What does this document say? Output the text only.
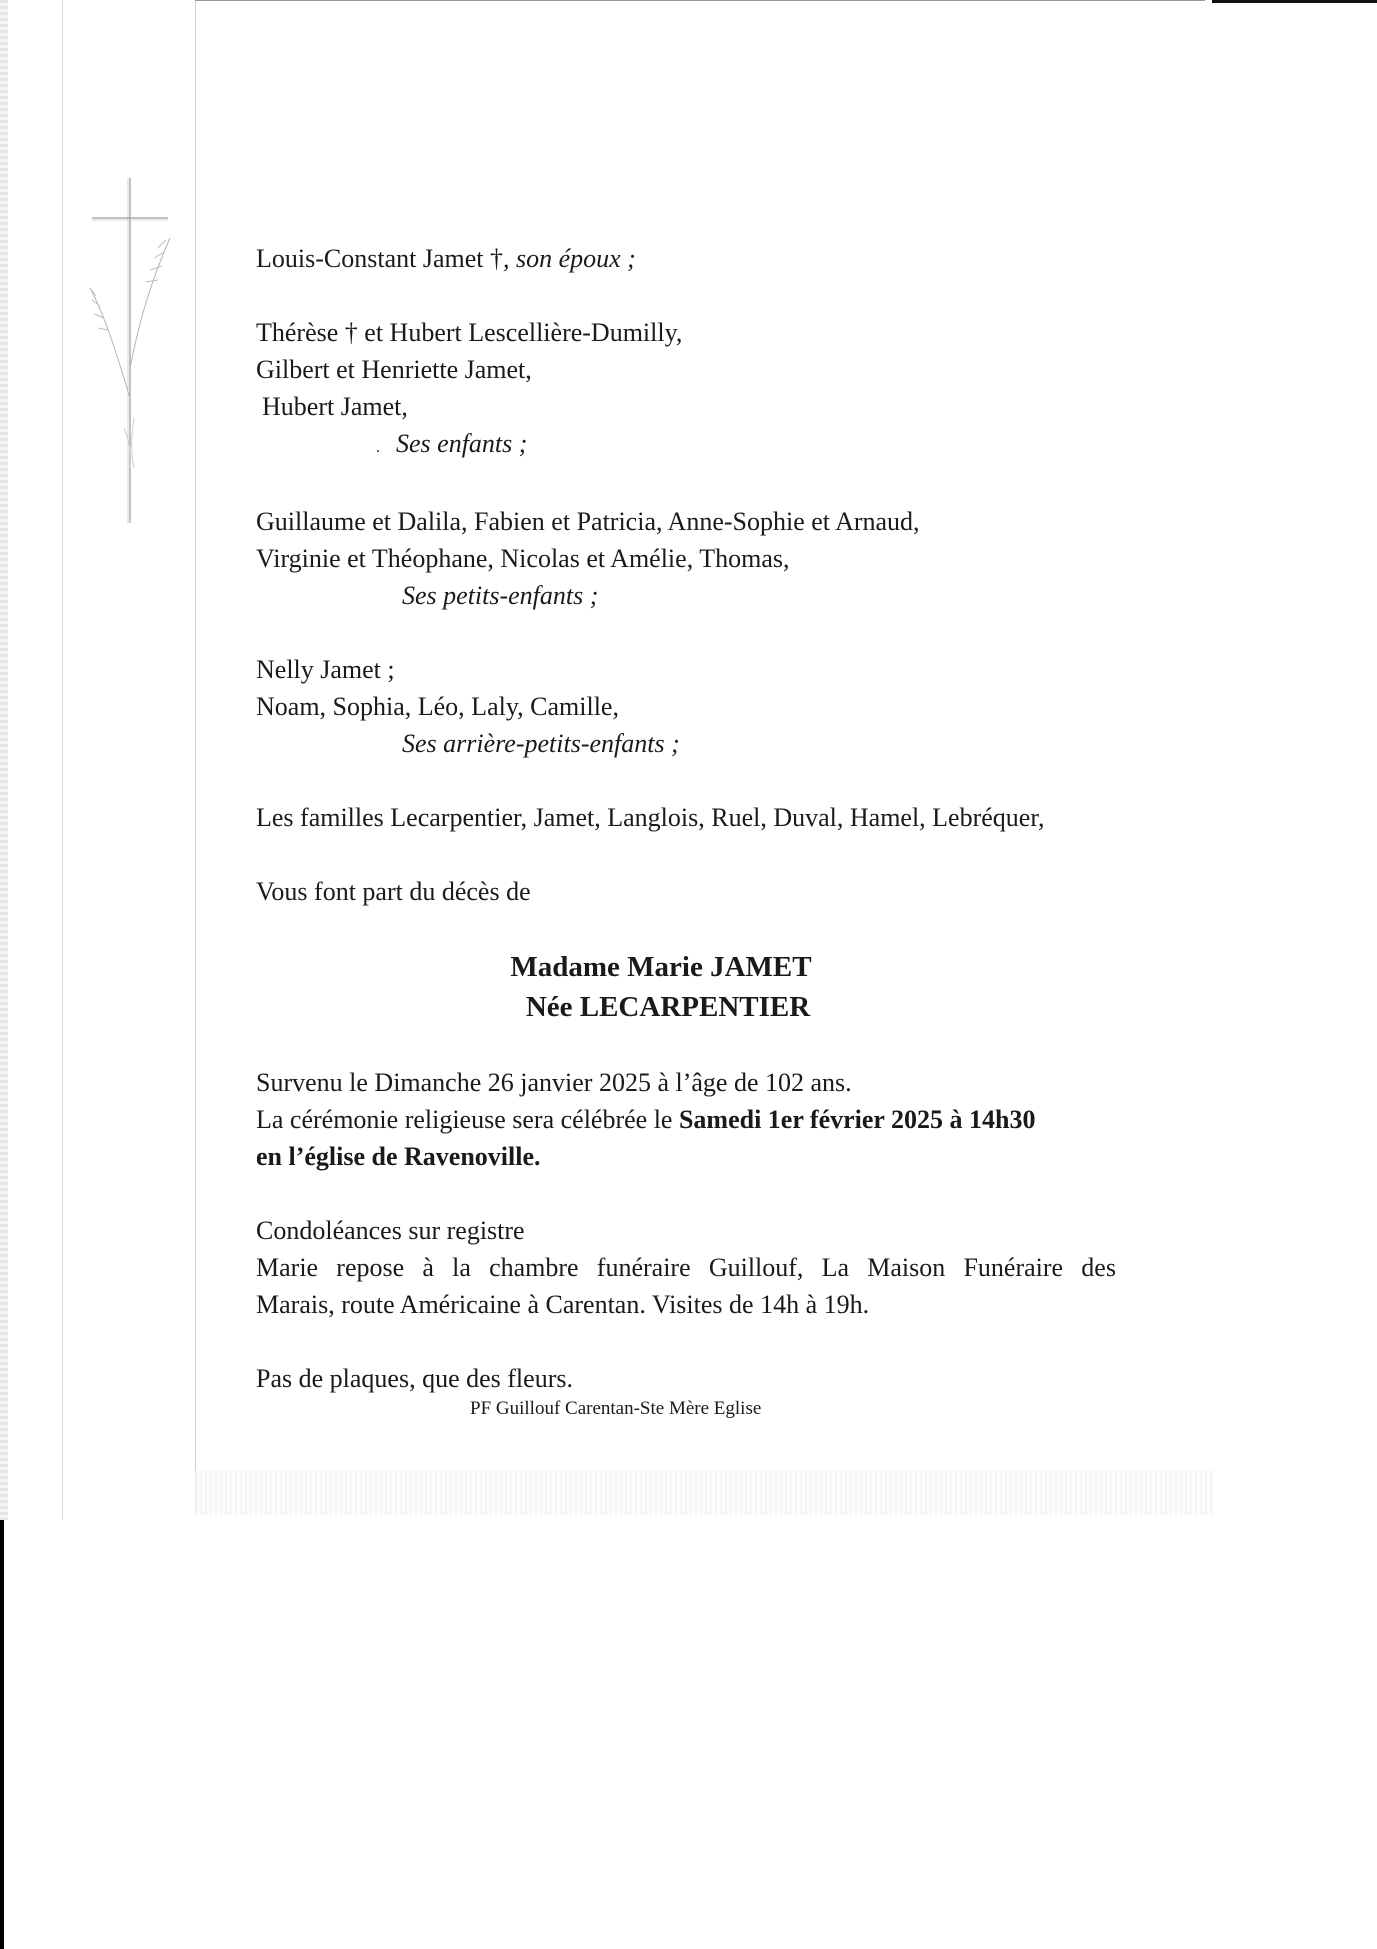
Louis-Constant Jamet †, son époux ;
Thérèse † et Hubert Lescellière-Dumilly,
Gilbert et Henriette Jamet,
Hubert Jamet,
. Ses enfants ;
Guillaume et Dalila, Fabien et Patricia, Anne-Sophie et Arnaud,
Virginie et Théophane, Nicolas et Amélie, Thomas,
Ses petits-enfants ;
Nelly Jamet ;
Noam, Sophia, Léo, Laly, Camille,
Ses arrière-petits-enfants ;
Les familles Lecarpentier, Jamet, Langlois, Ruel, Duval, Hamel, Lebréquer,
Vous font part du décès de
Madame Marie JAMET
Née LECARPENTIER
Survenu le Dimanche 26 janvier 2025 à l’âge de 102 ans.
La cérémonie religieuse sera célébrée le Samedi 1er février 2025 à 14h30
en l’église de Ravenoville.
Condoléances sur registre
Marie repose à la chambre funéraire Guillouf, La Maison Funéraire des
Marais, route Américaine à Carentan. Visites de 14h à 19h.
Pas de plaques, que des fleurs.
PF Guillouf Carentan-Ste Mère Eglise
